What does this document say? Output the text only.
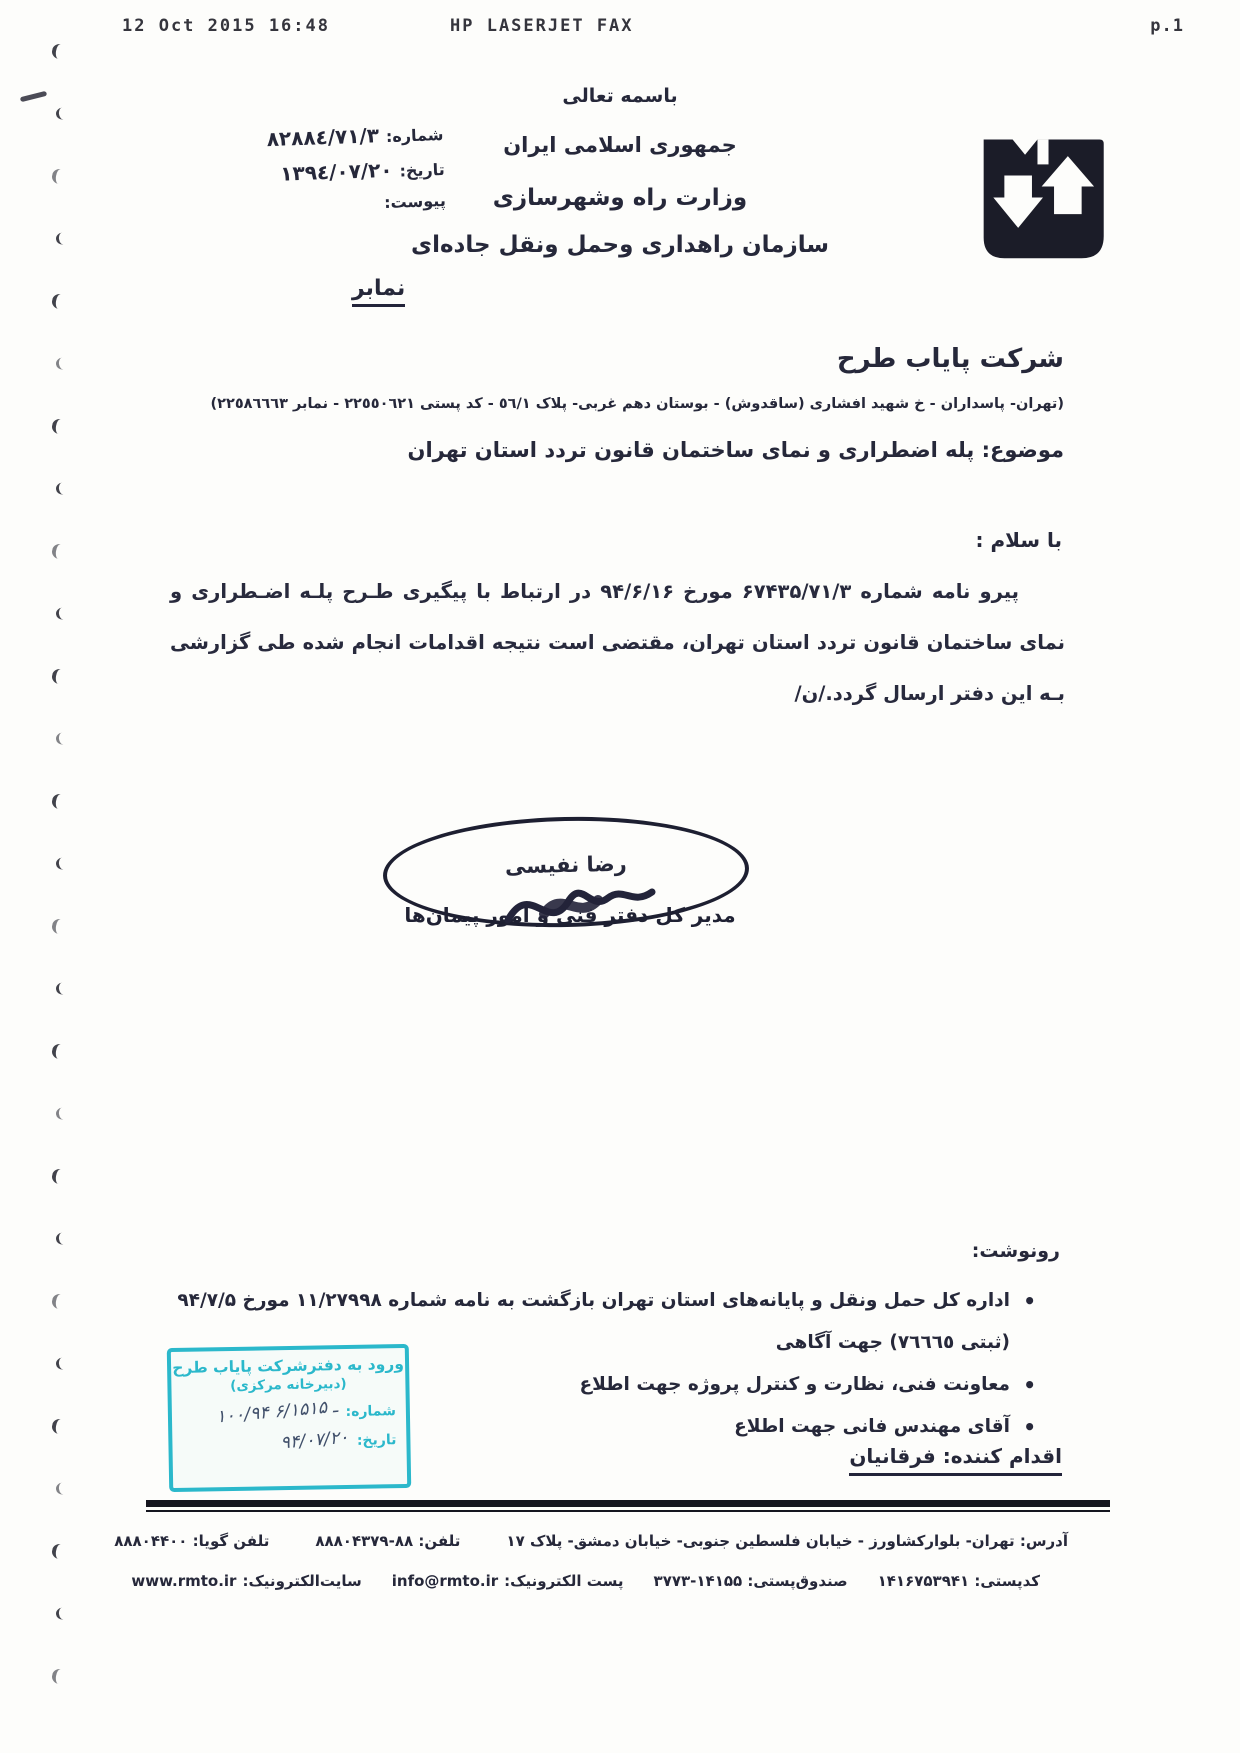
12 Oct 2015 16:48	HP LASERJET FAX	p.1
باسمه تعالی
جمهوری اسلامی ایران
وزارت راه وشهرسازی
سازمان راهداری وحمل ونقل جاده‌ای
شماره:
٨٢٨٨٤/٧١/٣
تاریخ:
١٣٩٤/٠٧/٢٠
پیوست:
نمابر
شرکت پایاب طرح
(تهران- پاسداران - خ شهید افشاری (ساقدوش) - بوستان دهم غربی- پلاک ٥٦/١ - کد پستی ٢٢٥٥٠٦٢١ - نمابر ٢٢٥٨٦٦٦٣)
موضوع: پله اضطراری و نمای ساختمان قانون تردد استان تهران
با سلام :
پیرو نامه شماره ۶۷۴۳۵/۷۱/۳ مورخ ۹۴/۶/۱۶ در ارتباط با پیگیری طـرح پلـه اضـطراری و نمای ساختمان قانون تردد استان تهران، مقتضی است نتیجه اقدامات انجام شده طی گزارشی بـه این دفتر ارسال گردد./ن/
رضا نفیسی
مدیر کل دفتر فنی و امور پیمان‌ها
رونوشت:
• اداره کل حمل ونقل و پایانه‌های استان تهران بازگشت به نامه شماره ۱۱/۲۷۹۹۸ مورخ ۹۴/۷/۵
(ثبتی ٧٦٦٦٥) جهت آگاهی
• معاونت فنی، نظارت و کنترل پروژه جهت اطلاع
• آقای مهندس فانی جهت اطلاع
اقدام کننده: فرقانیان
ورود به دفترشرکت پایاب طرح
(دبیرخانه مرکزی)
شماره:
۱۰۰/۹۴ ـ ۶/۱۵۱۵
تاریخ:
۹۴/۰۷/۲۰
آدرس: تهران- بلوارکشاورز - خیابان فلسطین جنوبی- خیابان دمشق- پلاک ۱۷
تلفن: ۸۸-۸۸۸۰۴۳۷۹
تلفن گویا: ۸۸۸۰۴۴۰۰
کدپستی: ۱۴۱۶۷۵۳۹۴۱
صندوق‌پستی: ۱۴۱۵۵-۳۷۷۳
پست الکترونیک:
info@rmto.ir
سایت‌الکترونیک:
www.rmto.ir
